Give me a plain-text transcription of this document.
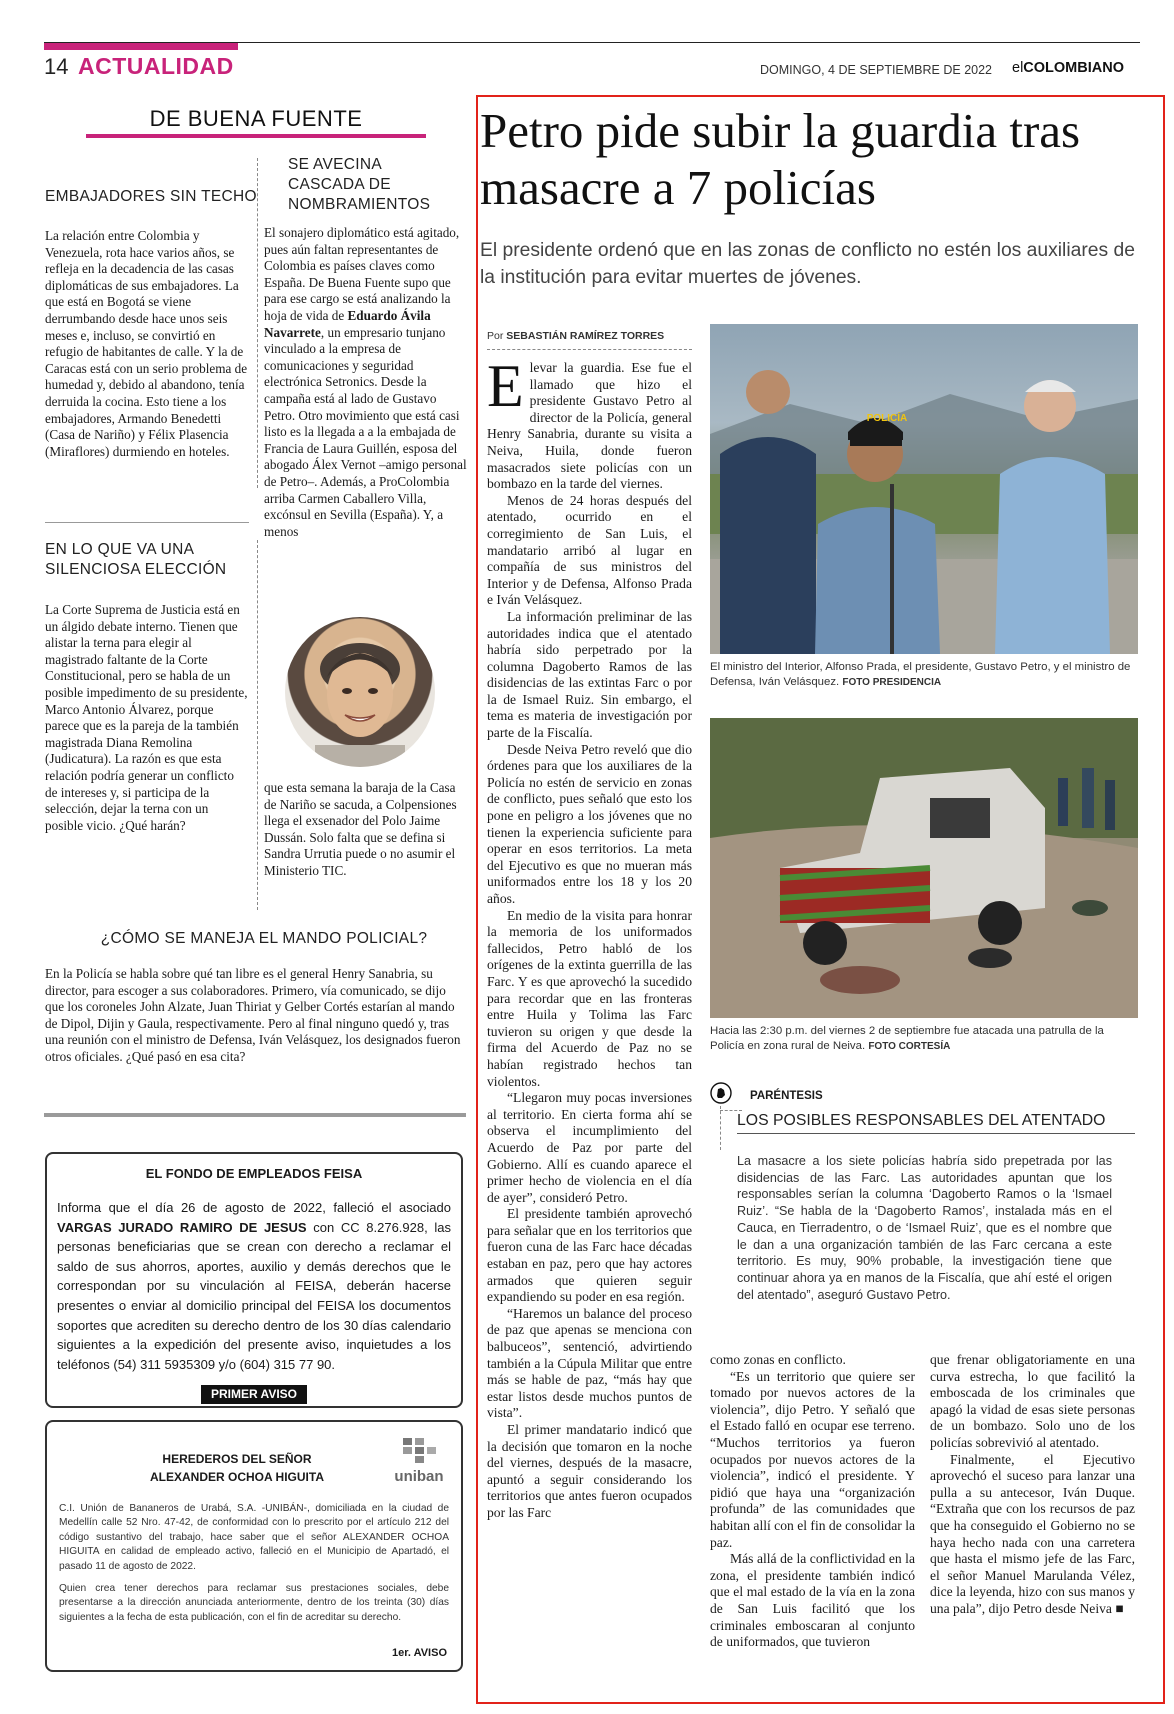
14 ACTUALIDAD	DOMINGO, 4 DE SEPTIEMBRE DE 2022 elCOLOMBIANO
DE BUENA FUENTE
EMBAJADORES SIN TECHO

La relación entre Colombia y Venezuela, rota hace varios años, se refleja en la decadencia de las casas diplomáticas de sus embajadores. La que está en Bogotá se viene derrumbando desde hace unos seis meses e, incluso, se convirtió en refugio de habitantes de calle. Y la de Caracas está con un serio problema de humedad y, debido al abandono, tenía derruida la cocina. Esto tiene a los embajadores, Armando Benedetti (Casa de Nariño) y Félix Plasencia (Miraflores) durmiendo en hoteles.

EN LO QUE VA UNA SILENCIOSA ELECCIÓN

La Corte Suprema de Justicia está en un álgido debate interno. Tienen que alistar la terna para elegir al magistrado faltante de la Corte Constitucional, pero se habla de un posible impedimento de su presidente, Marco Antonio Álvarez, porque parece que es la pareja de la también magistrada Diana Remolina (Judicatura). La razón es que esta relación podría generar un conflicto de intereses y, si participa de la selección, dejar la terna con un posible vicio. ¿Qué harán?

SE AVECINA CASCADA DE NOMBRAMIENTOS

El sonajero diplomático está agitado, pues aún faltan representantes de Colombia es países claves como España. De Buena Fuente supo que para ese cargo se está analizando la hoja de vida de Eduardo Ávila Navarrete, un empresario tunjano vinculado a la empresa de comunicaciones y seguridad electrónica Setronics. Desde la campaña está al lado de Gustavo Petro. Otro movimiento que está casi listo es la llegada a a la embajada de Francia de Laura Guillén, esposa del abogado Álex Vernot –amigo personal de Petro–. Además, a ProColombia arriba Carmen Caballero Villa, excónsul en Sevilla (España). Y, a menos

que esta semana la baraja de la Casa de Nariño se sacuda, a Colpensiones llega el exsenador del Polo Jaime Dussán. Solo falta que se defina si Sandra Urrutia puede o no asumir el Ministerio TIC.

¿CÓMO SE MANEJA EL MANDO POLICIAL?

En la Policía se habla sobre qué tan libre es el general Henry Sanabria, su director, para escoger a sus colaboradores. Primero, vía comunicado, se dijo que los coroneles John Alzate, Juan Thiriat y Gelber Cortés estarían al mando de Dipol, Dijin y Gaula, respectivamente. Pero al final ninguno quedó y, tras una reunión con el ministro de Defensa, Iván Velásquez, los designados fueron otros oficiales. ¿Qué pasó en esa cita?

EL FONDO DE EMPLEADOS FEISA
Informa que el día 26 de agosto de 2022, falleció el asociado VARGAS JURADO RAMIRO DE JESUS con CC 8.276.928, las personas beneficiarias que se crean con derecho a reclamar el saldo de sus ahorros, aportes, auxilio y demás derechos que le correspondan por su vinculación al FEISA, deberán hacerse presentes o enviar al domicilio principal del FEISA los documentos soportes que acrediten su derecho dentro de los 30 días calendario siguientes a la expedición del presente aviso, inquietudes a los teléfonos (54) 311 5935309 y/o (604) 315 77 90.
PRIMER AVISO
HEREDEROS DEL SEÑOR
ALEXANDER OCHOA HIGUITA	uniban
C.I. Unión de Bananeros de Urabá, S.A. -UNIBÁN-, domiciliada en la ciudad de Medellín calle 52 Nro. 47-42, de conformidad con lo prescrito por el artículo 212 del código sustantivo del trabajo, hace saber que el señor ALEXANDER OCHOA HIGUITA en calidad de empleado activo, falleció en el Municipio de Apartadó, el pasado 11 de agosto de 2022.
Quien crea tener derechos para reclamar sus prestaciones sociales, debe presentarse a la dirección anunciada anteriormente, dentro de los treinta (30) días siguientes a la fecha de esta publicación, con el fin de acreditar su derecho.
1er. AVISO
Petro pide subir la guardia tras masacre a 7 policías
El presidente ordenó que en las zonas de conflicto no estén los auxiliares de la institución para evitar muertes de jóvenes.
Por SEBASTIÁN RAMÍREZ TORRES

Elevar la guardia. Ese fue el llamado que hizo el presidente Gustavo Petro al director de la Policía, general Henry Sanabria, durante su visita a Neiva, Huila, donde fueron masacrados siete policías con un bombazo en la tarde del viernes.

Menos de 24 horas después del atentado, ocurrido en el corregimiento de San Luis, el mandatario arribó al lugar en compañía de sus ministros del Interior y de Defensa, Alfonso Prada e Iván Velásquez.

La información preliminar de las autoridades indica que el atentado habría sido perpetrado por la columna Dagoberto Ramos de las disidencias de las extintas Farc o por la de Ismael Ruiz. Sin embargo, el tema es materia de investigación por parte de la Fiscalía.

Desde Neiva Petro reveló que dio órdenes para que los auxiliares de la Policía no estén de servicio en zonas de conflicto, pues señaló que esto los pone en peligro a los jóvenes que no tienen la experiencia suficiente para operar en esos territorios. La meta del Ejecutivo es que no mueran más uniformados entre los 18 y los 20 años.

En medio de la visita para honrar la memoria de los uniformados fallecidos, Petro habló de los orígenes de la extinta guerrilla de las Farc. Y es que aprovechó la sucedido para recordar que en las fronteras entre Huila y Tolima las Farc tuvieron su origen y que desde la firma del Acuerdo de Paz no se habían registrado hechos tan violentos.

“Llegaron muy pocas inversiones al territorio. En cierta forma ahí se observa el incumplimiento del Acuerdo de Paz por parte del Gobierno. Allí es cuando aparece el primer hecho de violencia en el día de ayer”, consideró Petro.

El presidente también aprovechó para señalar que en los territorios que fueron cuna de las Farc hace décadas estaban en paz, pero que hay actores armados que quieren seguir expandiendo su poder en esa región.

“Haremos un balance del proceso de paz que apenas se menciona con balbuceos”, sentenció, advirtiendo también a la Cúpula Militar que entre más se hable de paz, “más hay que estar listos desde muchos puntos de vista”.

El primer mandatario indicó que la decisión que tomaron en la noche del viernes, después de la masacre, apuntó a seguir considerando los territorios que antes fueron ocupados por las Farc

POLICÍA
El ministro del Interior, Alfonso Prada, el presidente, Gustavo Petro, y el ministro de Defensa, Iván Velásquez. FOTO PRESIDENCIA
Hacia las 2:30 p.m. del viernes 2 de septiembre fue atacada una patrulla de la Policía en zona rural de Neiva. FOTO CORTESÍA
PARÉNTESIS
LOS POSIBLES RESPONSABLES DEL ATENTADO
La masacre a los siete policías habría sido prepetrada por las disidencias de las Farc. Las autoridades apuntan que los responsables serían la columna ‘Dagoberto Ramos o la ‘Ismael Ruiz’. “Se habla de la ‘Dagoberto Ramos’, instalada más en el Cauca, en Tierradentro, o de ‘Ismael Ruiz’, que es el nombre que le dan a una organización también de las Farc cercana a este territorio. Es muy, 90% probable, la investigación tiene que continuar ahora ya en manos de la Fiscalía, que ahí esté el origen del atentado”, aseguró Gustavo Petro.

como zonas en conflicto.

“Es un territorio que quiere ser tomado por nuevos actores de la violencia”, dijo Petro. Y señaló que el Estado falló en ocupar ese terreno. “Muchos territorios ya fueron ocupados por nuevos actores de la violencia”, indicó el presidente. Y pidió que haya una “organización profunda” de las comunidades que habitan allí con el fin de consolidar la paz.

Más allá de la conflictividad en la zona, el presidente también indicó que el mal estado de la vía en la zona de San Luis facilitó que los criminales emboscaran al conjunto de uniformados, que tuvieron

que frenar obligatoriamente en una curva estrecha, lo que facilitó la emboscada de los criminales que apagó la vidad de esas siete personas de un bombazo. Solo uno de los policías sobrevivió al atentado.

Finalmente, el Ejecutivo aprovechó el suceso para lanzar una pulla a su antecesor, Iván Duque. “Extraña que con los recursos de paz que ha conseguido el Gobierno no se haya hecho nada con una carretera que hasta el mismo jefe de las Farc, el señor Manuel Marulanda Vélez, dice la leyenda, hizo con sus manos y una pala”, dijo Petro desde Neiva ■
